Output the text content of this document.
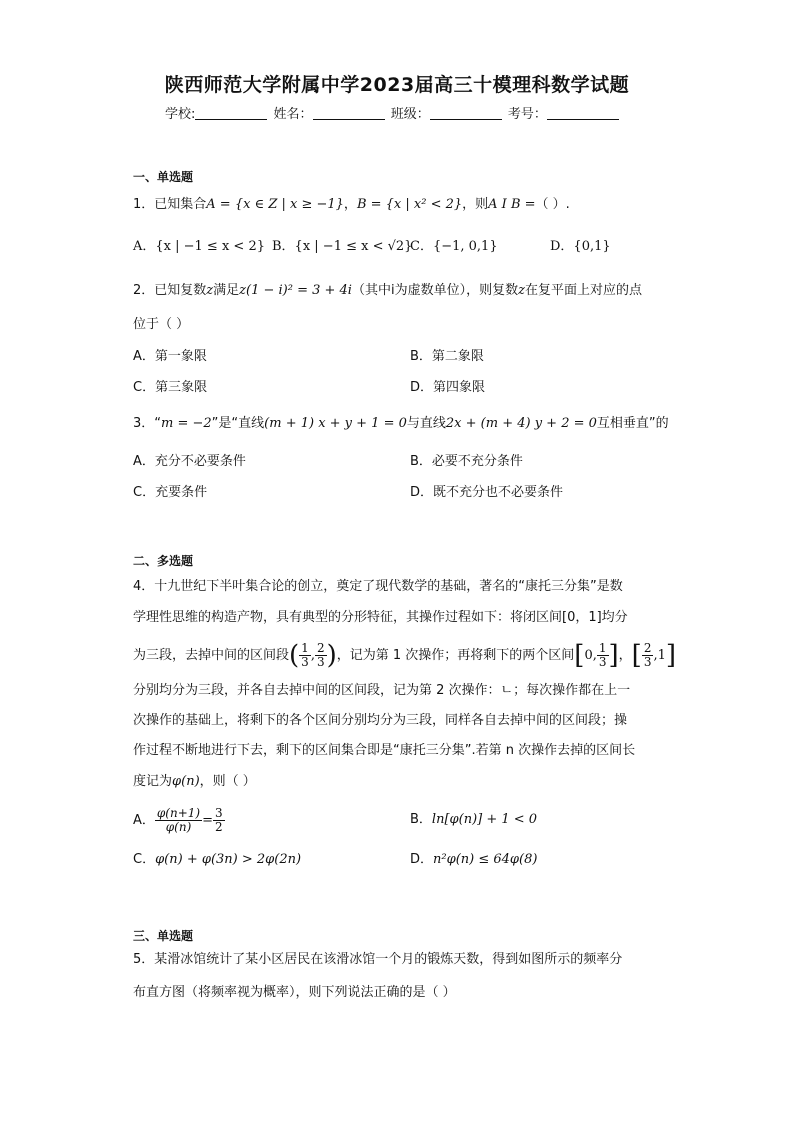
陕西师范大学附属中学2023届高三十模理科数学试题
学校:	姓名：	班级：	考号：
一、单选题
1．已知集合A = {x ∈ Z | x ≥ −1}，B = {x | x² < 2}，则A I B =（ ）.
A．{x | −1 ≤ x < 2} B．{x | −1 ≤ x < √2}
C．{−1, 0,1}	D．{0,1}
2．已知复数z满足z(1 − i)² = 3 + 4i（其中i为虚数单位），则复数z在复平面上对应的点
位于（ ）
A．第一象限	B．第二象限
C．第三象限	D．第四象限
3．“m = −2”是“直线(m + 1) x + y + 1 = 0与直线2x + (m + 4) y + 2 = 0互相垂直”的
A．充分不必要条件	B．必要不充分条件
C．充要条件	D．既不充分也不必要条件
二、多选题
4．十九世纪下半叶集合论的创立，奠定了现代数学的基础，著名的“康托三分集”是数
学理性思维的构造产物，具有典型的分形特征，其操作过程如下：将闭区间[0，1]均分
为三段，去掉中间的区间段( $\frac{1}{3}$ , $\frac{2}{3}$ )，记为第 1 次操作；再将剩下的两个区间[0, $\frac{1}{3}$ ]，[ $\frac{2}{3} ,1$]
分别均分为三段，并各自去掉中间的区间段，记为第 2 次操作：ㄴ；每次操作都在上一
次操作的基础上，将剩下的各个区间分别均分为三段，同样各自去掉中间的区间段；操
作过程不断地进行下去，剩下的区间集合即是“康托三分集”.若第 n 次操作去掉的区间长
度记为φ(n)，则（ ）
A． $\frac{\varphi(n+1)}{\varphi(n)} = \frac{3}{2}$	B．ln[φ(n)] + 1 < 0
C．φ(n) + φ(3n) > 2φ(2n)	D．n²φ(n) ≤ 64φ(8)
三、单选题
5．某滑冰馆统计了某小区居民在该滑冰馆一个月的锻炼天数，得到如图所示的频率分
布直方图（将频率视为概率），则下列说法正确的是（ ）
